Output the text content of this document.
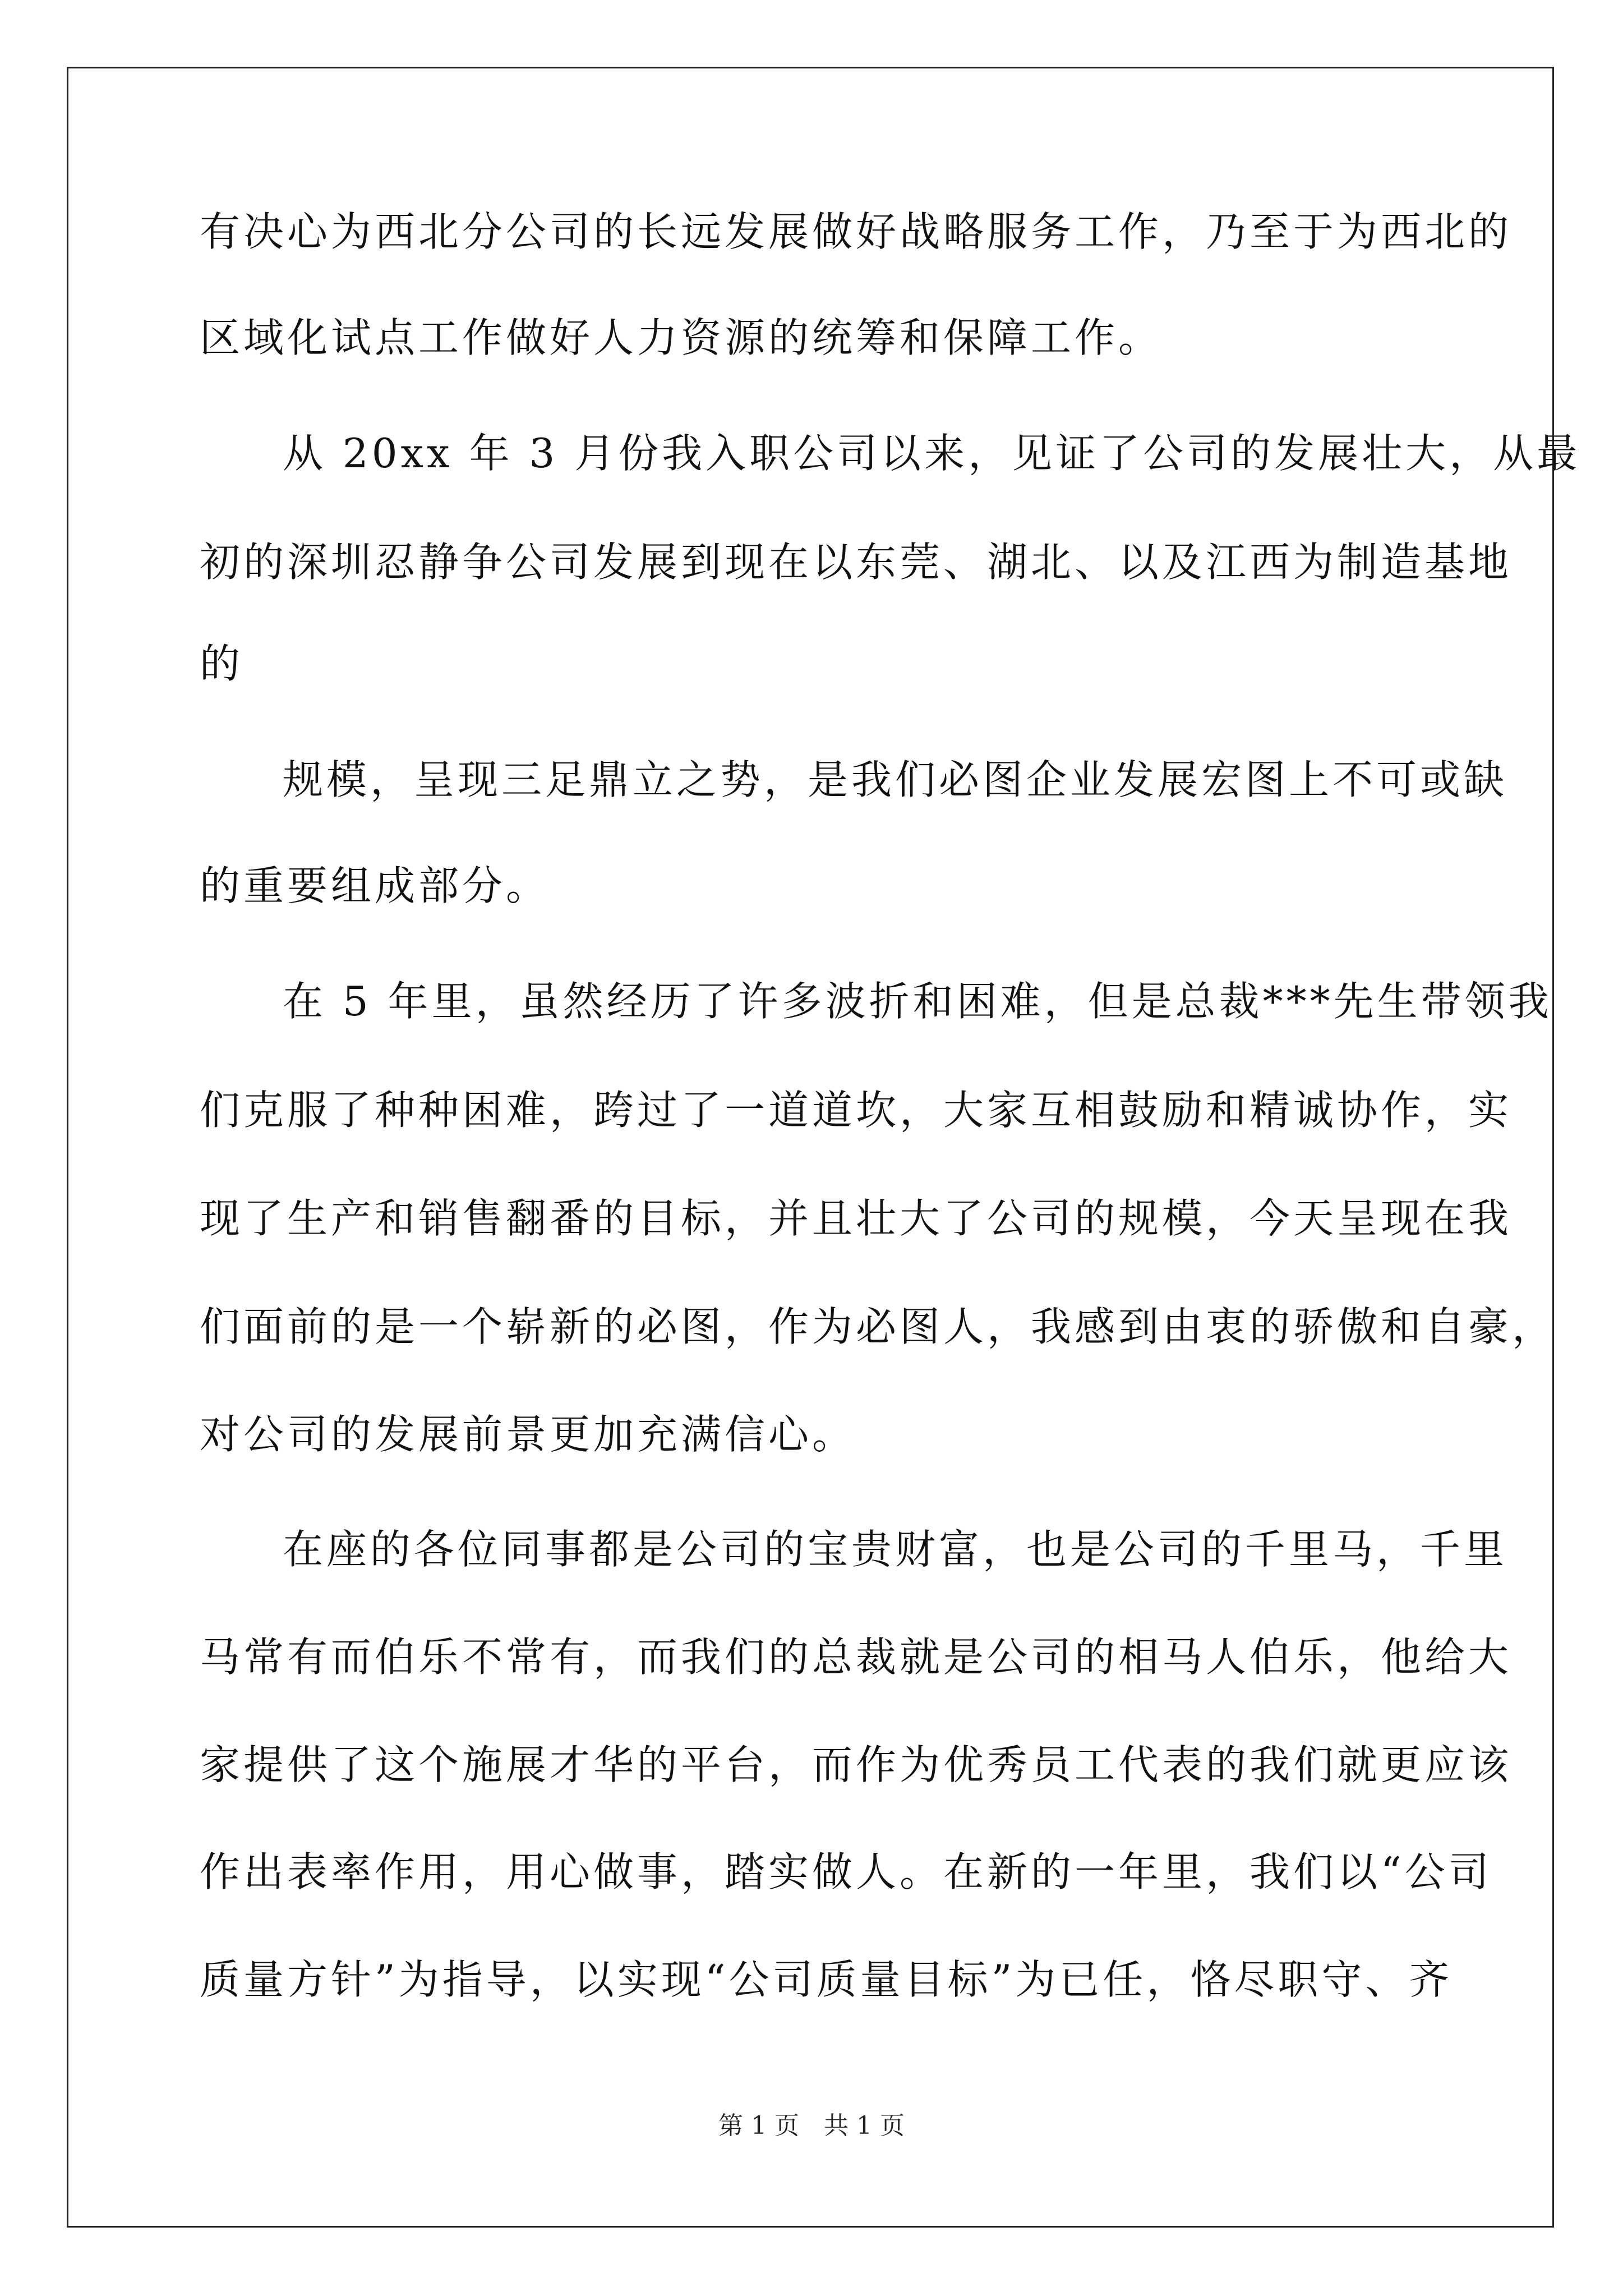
有决心为西北分公司的长远发展做好战略服务工作，乃至于为西北的
区域化试点工作做好人力资源的统筹和保障工作。
从 20xx 年 3 月份我入职公司以来，见证了公司的发展壮大，从最
初的深圳忍静争公司发展到现在以东莞、湖北、以及江西为制造基地
的
规模，呈现三足鼎立之势，是我们必图企业发展宏图上不可或缺
的重要组成部分。
在 5 年里，虽然经历了许多波折和困难，但是总裁***先生带领我
们克服了种种困难，跨过了一道道坎，大家互相鼓励和精诚协作，实
现了生产和销售翻番的目标，并且壮大了公司的规模，今天呈现在我
们面前的是一个崭新的必图，作为必图人，我感到由衷的骄傲和自豪，
对公司的发展前景更加充满信心。
在座的各位同事都是公司的宝贵财富，也是公司的千里马，千里
马常有而伯乐不常有，而我们的总裁就是公司的相马人伯乐，他给大
家提供了这个施展才华的平台，而作为优秀员工代表的我们就更应该
作出表率作用，用心做事，踏实做人。在新的一年里，我们以“公司
质量方针”为指导，以实现“公司质量目标”为已任，恪尽职守、齐
第 1 页　共 1 页
